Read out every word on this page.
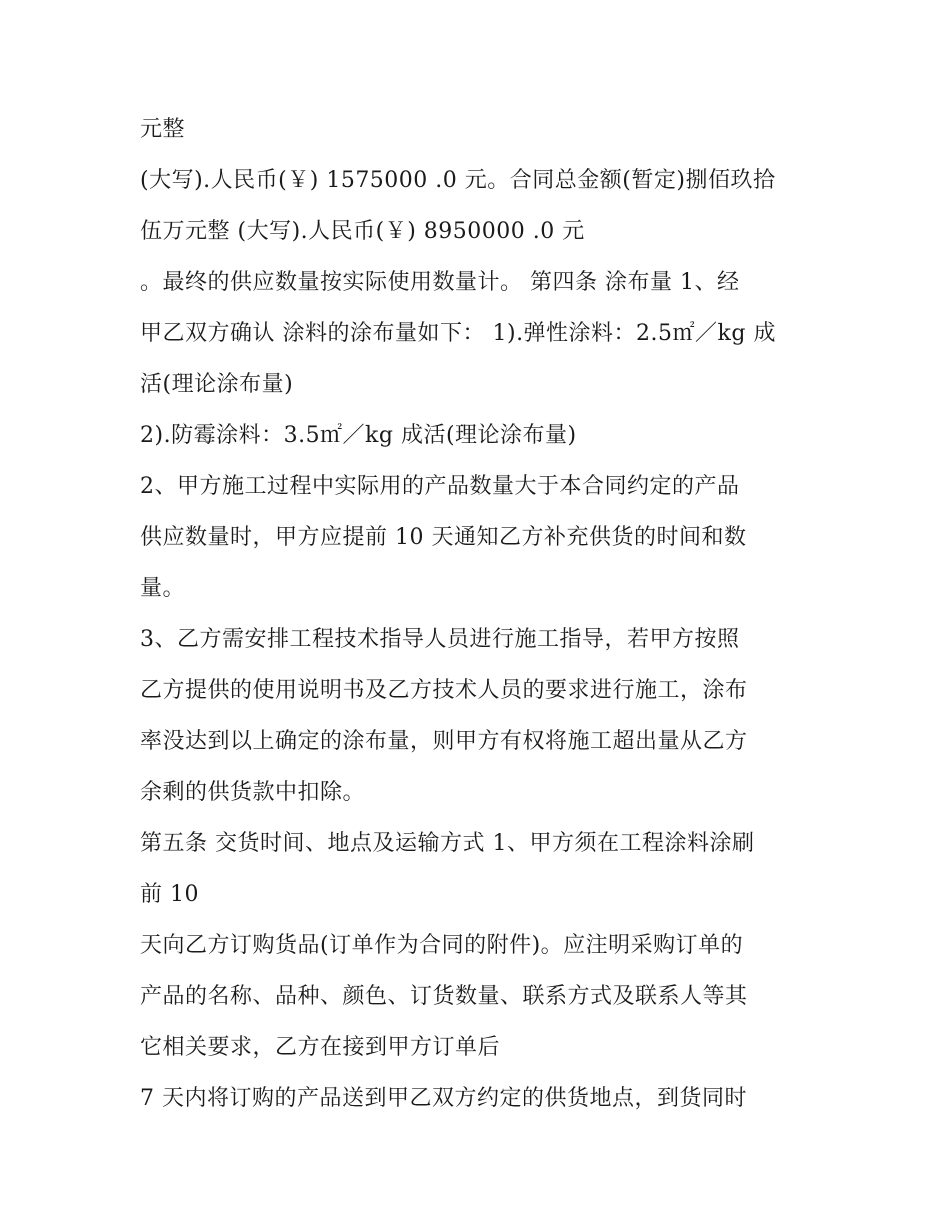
元整
(大写).人民币(￥) 1575000 .0 元。合同总金额(暂定)捌佰玖拾
伍万元整 (大写).人民币(￥) 8950000 .0 元
。最终的供应数量按实际使用数量计。 第四条 涂布量 1、经
甲乙双方确认 涂料的涂布量如下： 1).弹性涂料：2.5㎡／kg 成
活(理论涂布量)
2).防霉涂料：3.5㎡／kg 成活(理论涂布量)
2、甲方施工过程中实际用的产品数量大于本合同约定的产品
供应数量时，甲方应提前 10 天通知乙方补充供货的时间和数
量。
3、乙方需安排工程技术指导人员进行施工指导，若甲方按照
乙方提供的使用说明书及乙方技术人员的要求进行施工，涂布
率没达到以上确定的涂布量，则甲方有权将施工超出量从乙方
余剩的供货款中扣除。
第五条 交货时间、地点及运输方式 1、甲方须在工程涂料涂刷
前 10
天向乙方订购货品(订单作为合同的附件)。应注明采购订单的
产品的名称、品种、颜色、订货数量、联系方式及联系人等其
它相关要求，乙方在接到甲方订单后
7 天内将订购的产品送到甲乙双方约定的供货地点，到货同时
